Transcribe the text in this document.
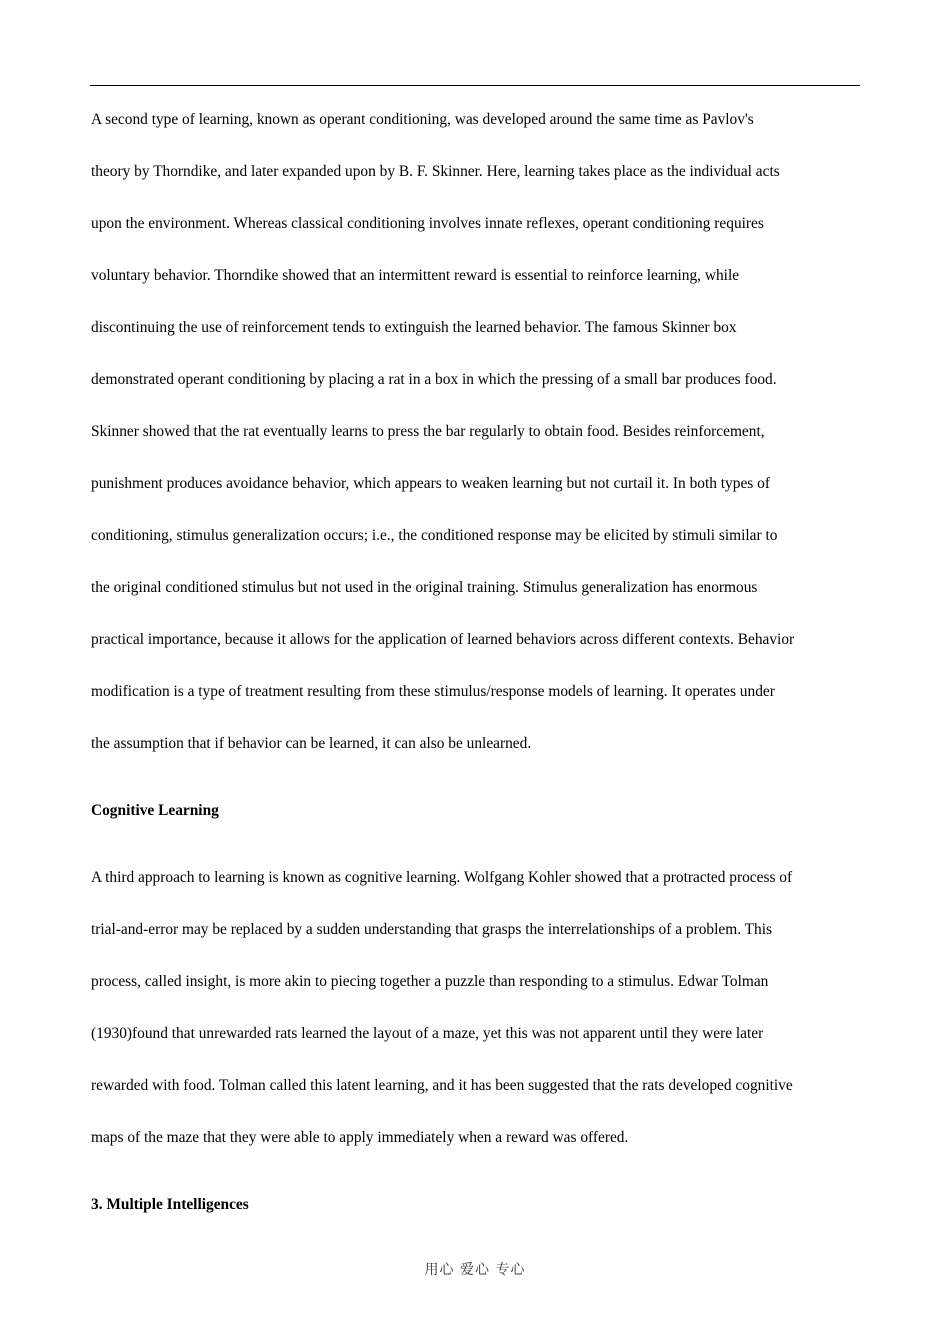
A second type of learning, known as operant conditioning, was developed around the same time as Pavlov's
theory by Thorndike, and later expanded upon by B. F. Skinner. Here, learning takes place as the individual acts
upon the environment. Whereas classical conditioning involves innate reflexes, operant conditioning requires
voluntary behavior. Thorndike showed that an intermittent reward is essential to reinforce learning, while
discontinuing the use of reinforcement tends to extinguish the learned behavior. The famous Skinner box
demonstrated operant conditioning by placing a rat in a box in which the pressing of a small bar produces food.
Skinner showed that the rat eventually learns to press the bar regularly to obtain food. Besides reinforcement,
punishment produces avoidance behavior, which appears to weaken learning but not curtail it. In both types of
conditioning, stimulus generalization occurs; i.e., the conditioned response may be elicited by stimuli similar to
the original conditioned stimulus but not used in the original training. Stimulus generalization has enormous
practical importance, because it allows for the application of learned behaviors across different contexts. Behavior
modification is a type of treatment resulting from these stimulus/response models of learning. It operates under
the assumption that if behavior can be learned, it can also be unlearned.
Cognitive Learning
A third approach to learning is known as cognitive learning. Wolfgang Kohler showed that a protracted process of
trial-and-error may be replaced by a sudden understanding that grasps the interrelationships of a problem. This
process, called insight, is more akin to piecing together a puzzle than responding to a stimulus. Edwar Tolman
(1930)found that unrewarded rats learned the layout of a maze, yet this was not apparent until they were later
rewarded with food. Tolman called this latent learning, and it has been suggested that the rats developed cognitive
maps of the maze that they were able to apply immediately when a reward was offered.
3. Multiple Intelligences
用心 爱心 专心
